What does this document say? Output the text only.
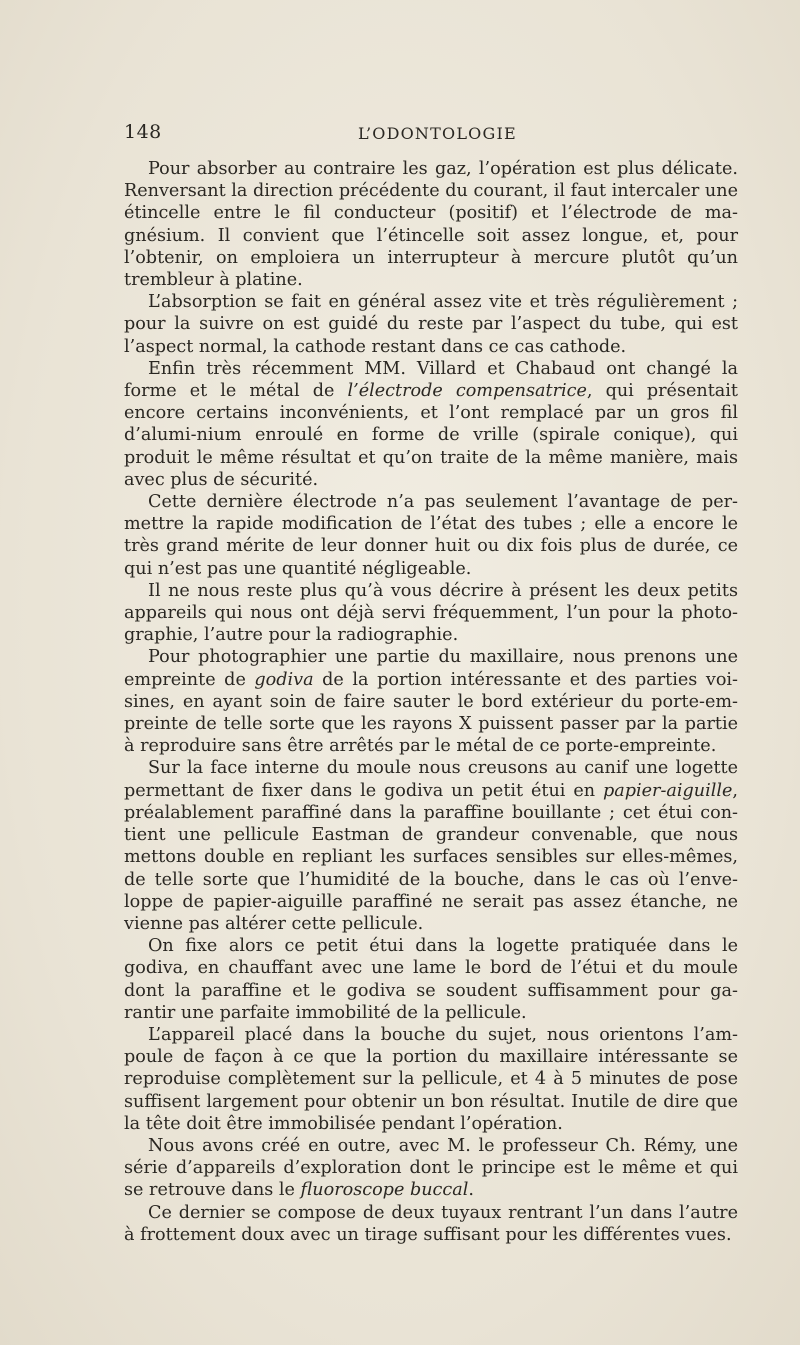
148	L’ODONTOLOGIE

Pour absorber au contraire les gaz, l’opération est plus délicate. Renversant la direction précédente du courant, il faut intercaler une étincelle entre le fil conducteur (positif) et l’électrode de ma-gnésium. Il convient que l’étincelle soit assez longue, et, pour l’obtenir, on emploiera un interrupteur à mercure plutôt qu’un trembleur à platine.

L’absorption se fait en général assez vite et très régulièrement ; pour la suivre on est guidé du reste par l’aspect du tube, qui est l’aspect normal, la cathode restant dans ce cas cathode.

Enfin très récemment MM. Villard et Chabaud ont changé la forme et le métal de l’électrode compensatrice, qui présentait encore certains inconvénients, et l’ont remplacé par un gros fil d’alumi-nium enroulé en forme de vrille (spirale conique), qui produit le même résultat et qu’on traite de la même manière, mais avec plus de sécurité.

Cette dernière électrode n’a pas seulement l’avantage de per-mettre la rapide modification de l’état des tubes ; elle a encore le très grand mérite de leur donner huit ou dix fois plus de durée, ce qui n’est pas une quantité négligeable.

Il ne nous reste plus qu’à vous décrire à présent les deux petits appareils qui nous ont déjà servi fréquemment, l’un pour la photo-graphie, l’autre pour la radiographie.

Pour photographier une partie du maxillaire, nous prenons une empreinte de godiva de la portion intéressante et des parties voi-sines, en ayant soin de faire sauter le bord extérieur du porte-em-preinte de telle sorte que les rayons X puissent passer par la partie à reproduire sans être arrêtés par le métal de ce porte-empreinte.

Sur la face interne du moule nous creusons au canif une logette permettant de fixer dans le godiva un petit étui en papier-aiguille, préalablement paraffiné dans la paraffine bouillante ; cet étui con-tient une pellicule Eastman de grandeur convenable, que nous mettons double en repliant les surfaces sensibles sur elles-mêmes, de telle sorte que l’humidité de la bouche, dans le cas où l’enve-loppe de papier-aiguille paraffiné ne serait pas assez étanche, ne vienne pas altérer cette pellicule.

On fixe alors ce petit étui dans la logette pratiquée dans le godiva, en chauffant avec une lame le bord de l’étui et du moule dont la paraffine et le godiva se soudent suffisamment pour ga-rantir une parfaite immobilité de la pellicule.

L’appareil placé dans la bouche du sujet, nous orientons l’am-poule de façon à ce que la portion du maxillaire intéressante se reproduise complètement sur la pellicule, et 4 à 5 minutes de pose suffisent largement pour obtenir un bon résultat. Inutile de dire que la tête doit être immobilisée pendant l’opération.

Nous avons créé en outre, avec M. le professeur Ch. Rémy, une série d’appareils d’exploration dont le principe est le même et qui se retrouve dans le fluoroscope buccal.

Ce dernier se compose de deux tuyaux rentrant l’un dans l’autre à frottement doux avec un tirage suffisant pour les différentes vues.
